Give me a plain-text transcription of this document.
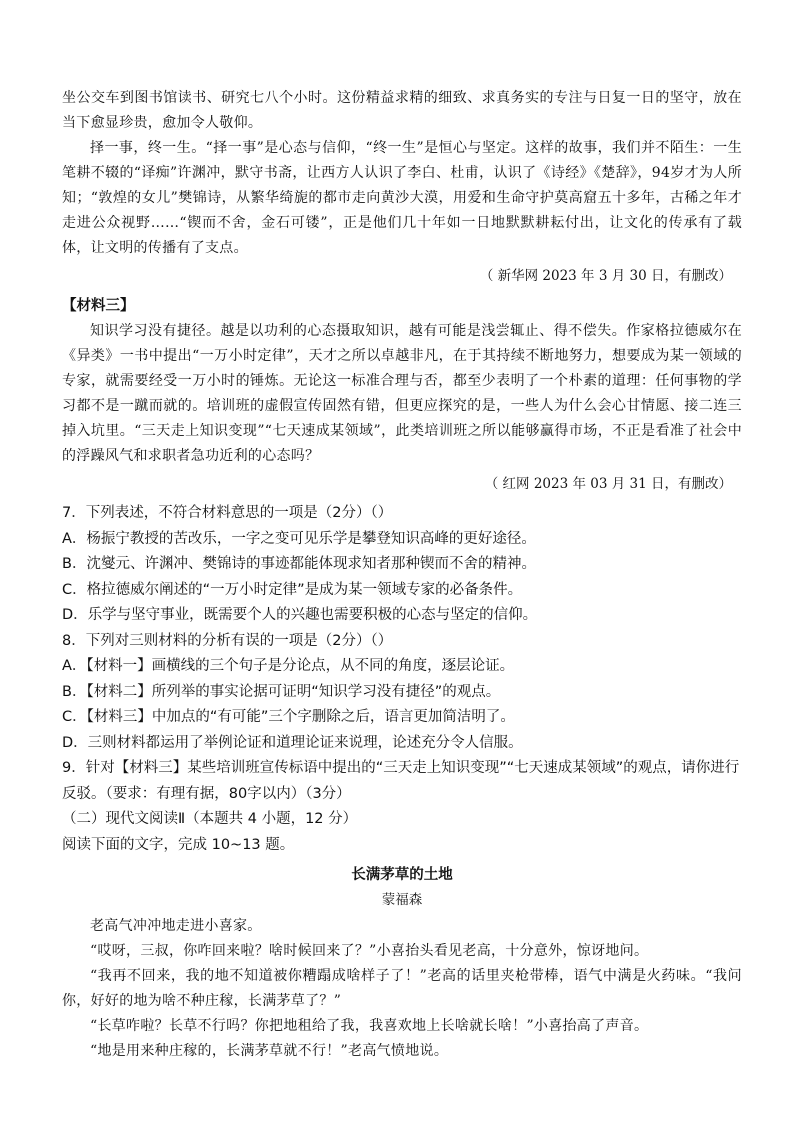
坐公交车到图书馆读书、研究七八个小时。这份精益求精的细致、求真务实的专注与日复一日的坚守，放在当下愈显珍贵，愈加令人敬仰。

择一事，终一生。“择一事”是心态与信仰，“终一生”是恒心与坚定。这样的故事，我们并不陌生：一生笔耕不辍的“译痴”许渊冲，默守书斋，让西方人认识了李白、杜甫，认识了《诗经》《楚辞》，94岁才为人所知；“敦煌的女儿”樊锦诗，从繁华绮旎的都市走向黄沙大漠，用爱和生命守护莫高窟五十多年，古稀之年才走进公众视野……“锲而不舍，金石可镂”，正是他们几十年如一日地默默耕耘付出，让文化的传承有了载体，让文明的传播有了支点。

（ 新华网 2023 年 3 月 30 日，有删改）

【材料三】

知识学习没有捷径。越是以功利的心态摄取知识，越有可能是浅尝辄止、得不偿失。作家格拉德威尔在《异类》一书中提出“一万小时定律”，天才之所以卓越非凡，在于其持续不断地努力，想要成为某一领域的专家，就需要经受一万小时的锤炼。无论这一标准合理与否，都至少表明了一个朴素的道理：任何事物的学习都不是一蹴而就的。培训班的虚假宣传固然有错，但更应探究的是，一些人为什么会心甘情愿、接二连三掉入坑里。“三天走上知识变现”“七天速成某领域”，此类培训班之所以能够赢得市场，不正是看准了社会中的浮躁风气和求职者急功近利的心态吗？

（ 红网 2023 年 03 月 31 日，有删改）

7．下列表述，不符合材料意思的一项是（2分）（）

A．杨振宁教授的苦改乐，一字之变可见乐学是攀登知识高峰的更好途径。

B．沈燮元、许渊冲、樊锦诗的事迹都能体现求知者那种锲而不舍的精神。

C．格拉德威尔阐述的“一万小时定律”是成为某一领域专家的必备条件。

D．乐学与坚守事业，既需要个人的兴趣也需要积极的心态与坚定的信仰。

8．下列对三则材料的分析有误的一项是（2分）（）

A．【材料一】画横线的三个句子是分论点，从不同的角度，逐层论证。

B．【材料二】所列举的事实论据可证明“知识学习没有捷径”的观点。

C．【材料三】中加点的“有可能”三个字删除之后，语言更加简洁明了。

D．三则材料都运用了举例论证和道理论证来说理，论述充分令人信服。

9．针对【材料三】某些培训班宣传标语中提出的“三天走上知识变现”“七天速成某领域”的观点，请你进行反驳。（要求：有理有据，80字以内）（3分）

（二）现代文阅读Ⅱ（本题共 4 小题，12 分）

阅读下面的文字，完成 10~13 题。

长满茅草的土地

蒙福森

老高气冲冲地走进小喜家。

“哎呀，三叔，你咋回来啦？啥时候回来了？”小喜抬头看见老高，十分意外，惊讶地问。

“我再不回来，我的地不知道被你糟蹋成啥样子了！”老高的话里夹枪带棒，语气中满是火药味。“我问你，好好的地为啥不种庄稼，长满茅草了？”

“长草咋啦？长草不行吗？你把地租给了我，我喜欢地上长啥就长啥！”小喜抬高了声音。

“地是用来种庄稼的，长满茅草就不行！”老高气愤地说。
